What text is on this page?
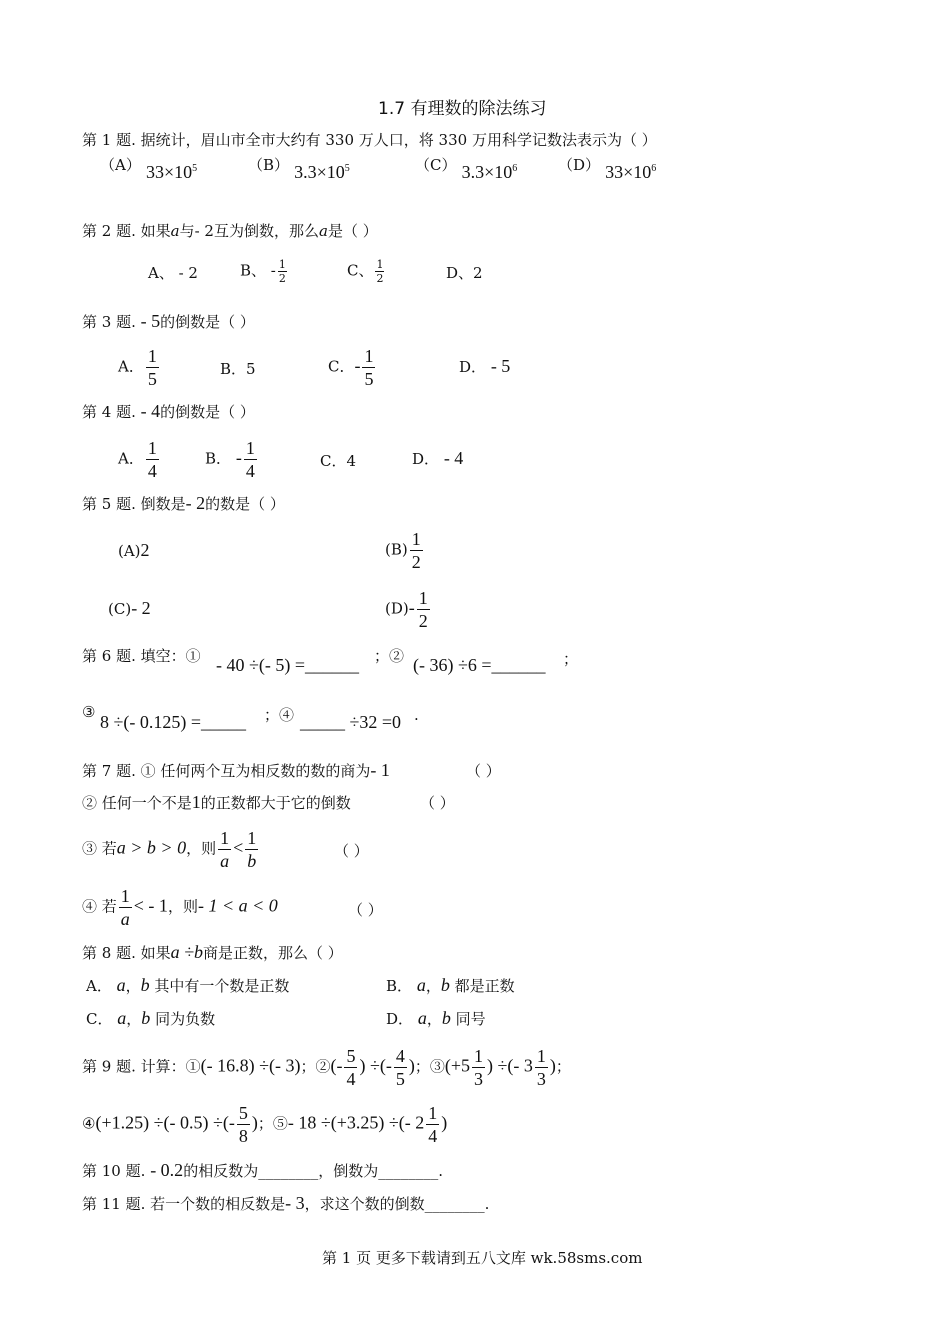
1.7 有理数的除法练习
第 1 题. 据统计，眉山市全市大约有 330 万人口，将 330 万用科学记数法表示为（ ）
（A） $33\times 10^5$	（B） $3.3\times 10^5$	（C） $3.3\times 10^6$	（D） $33\times 10^6$
第 2 题. 如果a与- 2互为倒数，那么a是（ ）
A、 - 2	B、 - $\frac{1}{2}$	C、 $\frac{1}{2}$	D、2
第 3 题. - 5的倒数是（ ）
A． $\frac{1}{5}$	B．5	C．- $\frac{1}{5}$	D． - 5
第 4 题. - 4的倒数是（ ）
A． $\frac{1}{4}$	B． - $\frac{1}{4}$	C．4	D． - 4
第 5 题. 倒数是- 2的数是（ ）
(A)2	$(B) \frac{1}{2}$
(C)- 2	$(D)- \frac{1}{2}$
第 6 题. 填空：① - 40 ÷(- 5) =______ ；② (- 36) ÷6 =______ ；
③ 8 ÷(- 0.125) =_____ ；④ _____ ÷32 =0 .
第 7 题. ① 任何两个互为相反数的数的商为- 1	（ ）
② 任何一个不是1的正数都大于它的倒数	（ ）
③ 若a > b > 0，则 $\frac{1}{a} < \frac{1}{b}$	（ ）
④ 若 $\frac{1}{a}$ < - 1，则- 1 < a < 0	（ ）
第 8 题. 如果a ÷b商是正数，那么（ ）
A． a，b 其中有一个数是正数	B． a，b 都是正数
C． a，b 同为负数	D． a，b 同号
第 9 题. 计算：①(- 16.8) ÷(- 3)；②(- $\frac{5}{4}$ ) ÷(- $\frac{4}{5}$ )；③(+5 $\frac{1}{3}$ ) ÷(- $3 \frac{1}{3}$ )；
④(+1.25) ÷(- 0.5) ÷(- $\frac{5}{8}$ )；⑤- 18 ÷(+3.25) ÷(- $2 \frac{1}{4}$ )
第 10 题. - 0.2的相反数为________，倒数为________.
第 11 题. 若一个数的相反数是- 3，求这个数的倒数________.
第 1 页 更多下载请到五八文库 wk.58sms.com
